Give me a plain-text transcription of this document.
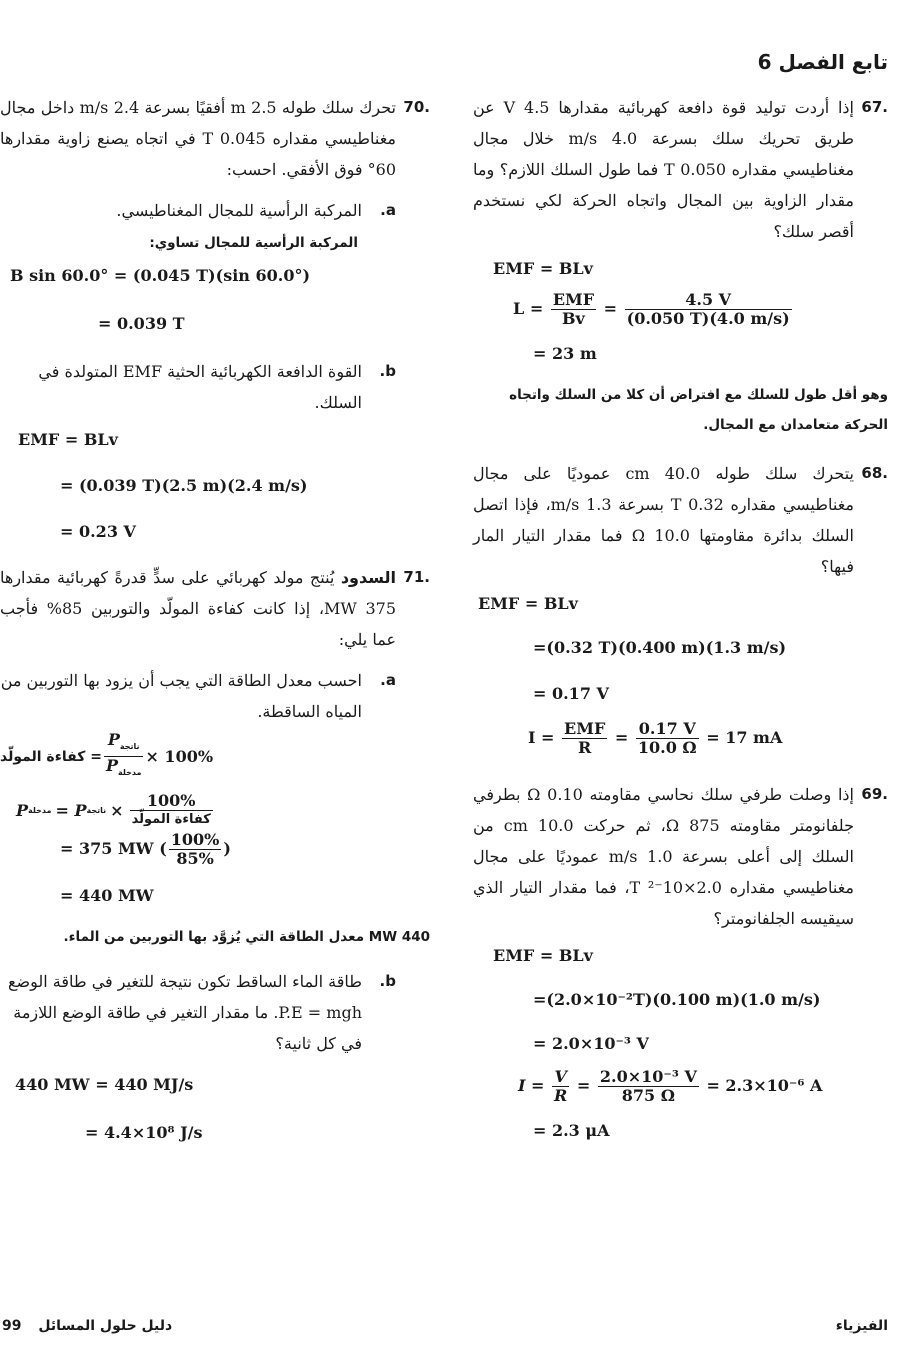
تابع الفصل 6
.67
إذا أردت توليد قوة دافعة كهربائية مقدارها 4.5 V عن طريق تحريك سلك بسرعة 4.0 m/s خلال مجال مغناطيسي مقداره 0.050 T فما طول السلك اللازم؟ وما مقدار الزاوية بين المجال واتجاه الحركة لكي نستخدم أقصر سلك؟
EMF = BLv
$L = \frac{\text{EMF}}{Bv} = \frac{4.5 V}{(0.050 T)(4.0 m/s)}$
= 23 m
وهو أقل طول للسلك مع افتراض أن كلا من السلك واتجاه الحركة متعامدان مع المجال.
.68
يتحرك سلك طوله 40.0 cm عموديًا على مجال مغناطيسي مقداره 0.32 T بسرعة 1.3 m/s، فإذا اتصل السلك بدائرة مقاومتها 10.0 Ω فما مقدار التيار المار فيها؟
EMF = BLv
=(0.32 T)(0.400 m)(1.3 m/s)
= 0.17 V
$I = \frac{\text{EMF}}{R} = \frac{0.17 V}{10.0 \Omega} = 17$ mA
.69
إذا وصلت طرفي سلك نحاسي مقاومته 0.10 Ω بطرفي جلفانومتر مقاومته 875 Ω، ثم حركت 10.0 cm من السلك إلى أعلى بسرعة 1.0 m/s عموديًا على مجال مغناطيسي مقداره 2.0×10⁻² T، فما مقدار التيار الذي سيقيسه الجلفانومتر؟
EMF = BLv
=(2.0×10⁻²T)(0.100 m)(1.0 m/s)
= 2.0×10⁻³ V
$I = \frac{V}{R} = \frac{\text{2.0×10⁻³ V}}{875 \Omega} = 2.3\times 10^{-6}$ A
= 2.3 μA
.70
تحرك سلك طوله 2.5 m أفقيًا بسرعة 2.4 m/s داخل مجال مغناطيسي مقداره 0.045 T في اتجاه يصنع زاوية مقدارها 60° فوق الأفقي. احسب:
a.
المركبة الرأسية للمجال المغناطيسي.
المركبة الرأسية للمجال تساوي:
B sin 60.0° = (0.045 T)(sin 60.0°)
= 0.039 T
b.
القوة الدافعة الكهربائية الحثية EMF المتولدة في السلك.
EMF = BLv
= (0.039 T)(2.5 m)(2.4 m/s)
= 0.23 V
.71
السدود يُنتج مولد كهربائي على سدٍّ قدرةً كهربائية مقدارها 375 MW، إذا كانت كفاءة المولّد والتوربين 85% فأجب عما يلي:
a.
احسب معدل الطاقة التي يجب أن يزود بها التوربين من المياه الساقطة.
كفاءة المولّد = $\frac{P_{ناتجة}}{P_{مدخلة}} \times 100\%$
P مدخلة = P ناتجة × $\frac{100\%}{\text{كفاءة المولّد}}$
= 375 MW ( $\frac{100\%}{85\%}$ )
= 440 MW
440 MW معدل الطاقة التي يُزوَّد بها التوربين من الماء.
b.
طاقة الماء الساقط تكون نتيجة للتغير في طاقة الوضع P.E = mgh. ما مقدار التغير في طاقة الوضع اللازمة في كل ثانية؟
440 MW = 440 MJ/s
= 4.4×10⁸ J/s
الفيزياء
دليل حلول المسائل 99
